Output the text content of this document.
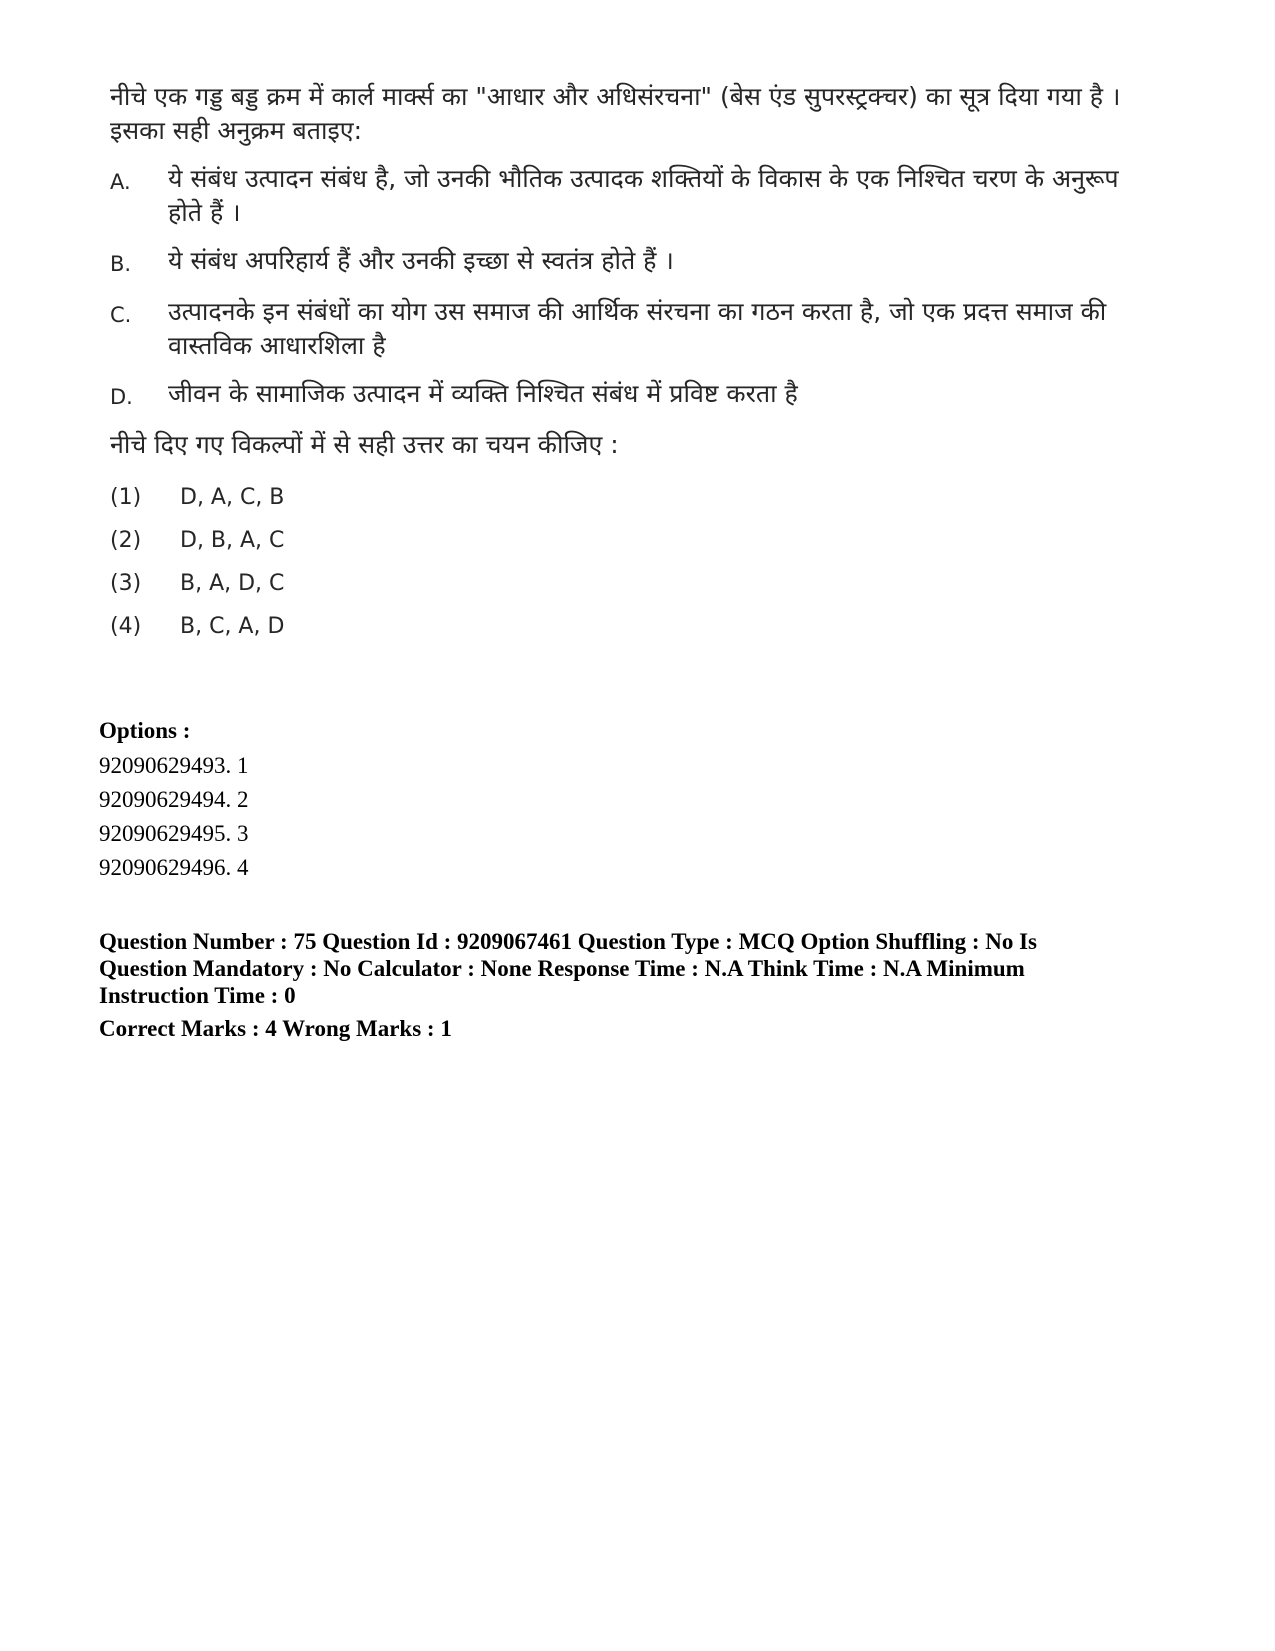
नीचे एक गड्ड बड्ड क्रम में कार्ल मार्क्स का "आधार और अधिसंरचना" (बेस एंड सुपरस्ट्रक्चर) का सूत्र दिया गया है । इसका सही अनुक्रम बताइए:

A.	ये संबंध उत्पादन संबंध है, जो उनकी भौतिक उत्पादक शक्तियों के विकास के एक निश्चित चरण के अनुरूप होते हैं ।
B.	ये संबंध अपरिहार्य हैं और उनकी इच्छा से स्वतंत्र होते हैं ।
C.	उत्पादनके इन संबंधों का योग उस समाज की आर्थिक संरचना का गठन करता है, जो एक प्रदत्त समाज की वास्तविक आधारशिला है
D.	जीवन के सामाजिक उत्पादन में व्यक्ति निश्चित संबंध में प्रविष्ट करता है
नीचे दिए गए विकल्पों में से सही उत्तर का चयन कीजिए :
(1)	D, A, C, B
(2)	D, B, A, C
(3)	B, A, D, C
(4)	B, C, A, D
Options :
92090629493. 1
92090629494. 2
92090629495. 3
92090629496. 4
Question Number : 75 Question Id : 9209067461 Question Type : MCQ Option Shuffling : No Is
Question Mandatory : No Calculator : None Response Time : N.A Think Time : N.A Minimum
Instruction Time : 0
Correct Marks : 4 Wrong Marks : 1
